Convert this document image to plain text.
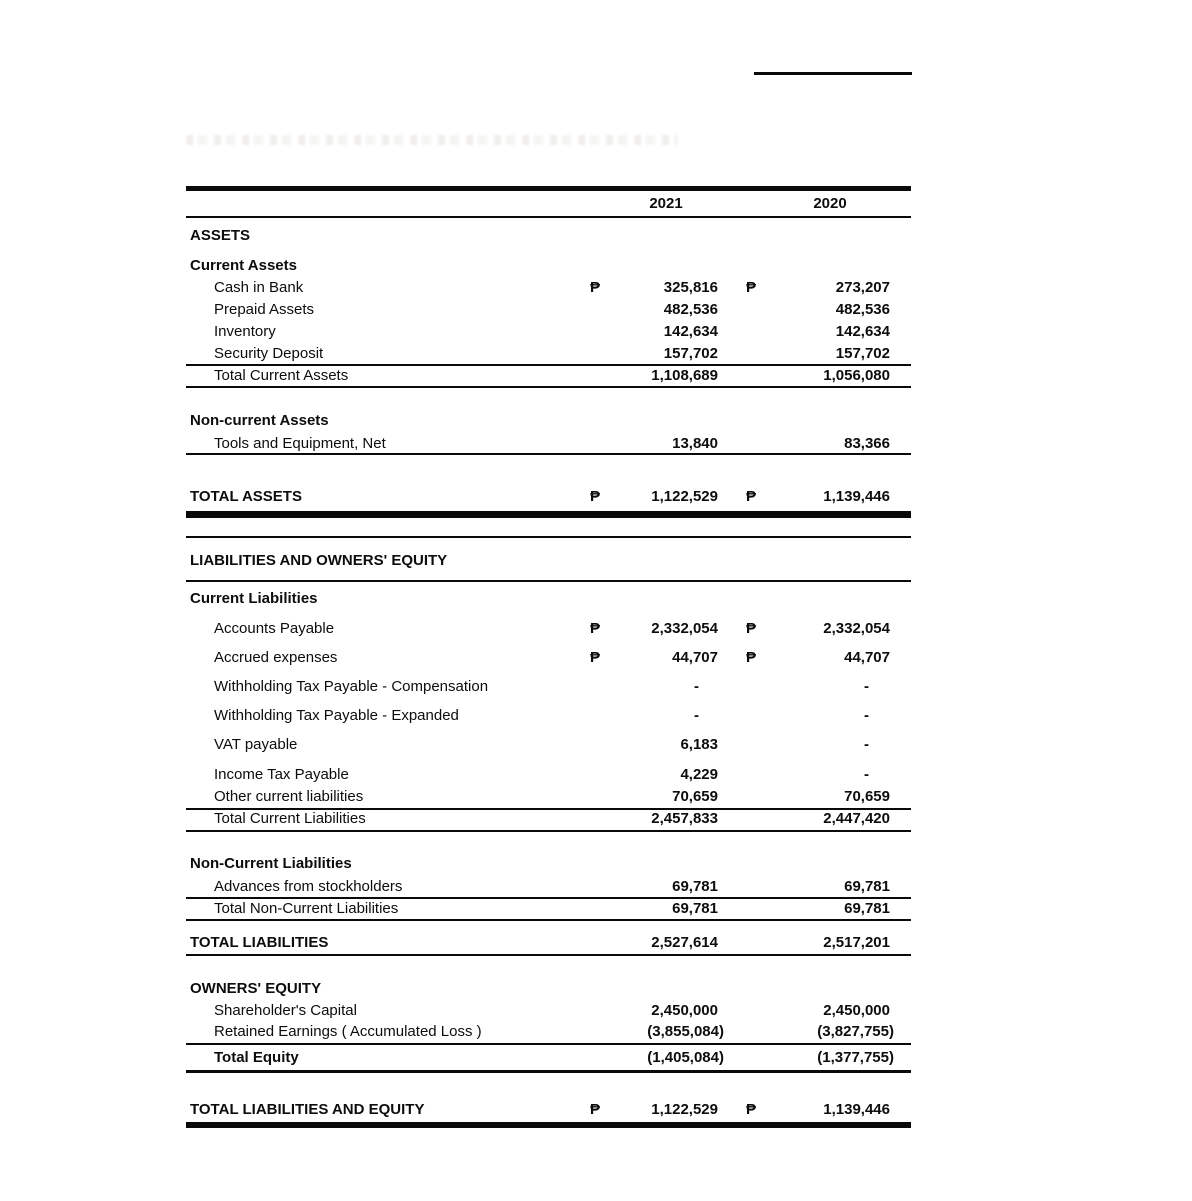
2021	2020
ASSETS
Current Assets
Cash in Bank	₱	325,816 ₱	273,207
Prepaid Assets	482,536	482,536
Inventory	142,634	142,634
Security Deposit	157,702	157,702
Total Current Assets	1,108,689	1,056,080
Non-current Assets
Tools and Equipment, Net	13,840	83,366
TOTAL ASSETS	₱	1,122,529 ₱	1,139,446
LIABILITIES AND OWNERS' EQUITY
Current Liabilities
Accounts Payable	₱	2,332,054 ₱	2,332,054
Accrued expenses	₱	44,707 ₱	44,707
Withholding Tax Payable - Compensation	-	-
Withholding Tax Payable - Expanded	-	-
VAT payable	6,183	-
Income Tax Payable	4,229	-
Other current liabilities	70,659	70,659
Total Current Liabilities	2,457,833	2,447,420
Non-Current Liabilities
Advances from stockholders	69,781	69,781
Total Non-Current Liabilities	69,781	69,781
TOTAL LIABILITIES	2,527,614	2,517,201
OWNERS' EQUITY
Shareholder's Capital	2,450,000	2,450,000
Retained Earnings ( Accumulated Loss )	(3,855,084)	(3,827,755)
Total Equity	(1,405,084)	(1,377,755)
TOTAL LIABILITIES AND EQUITY	₱	1,122,529 ₱	1,139,446
